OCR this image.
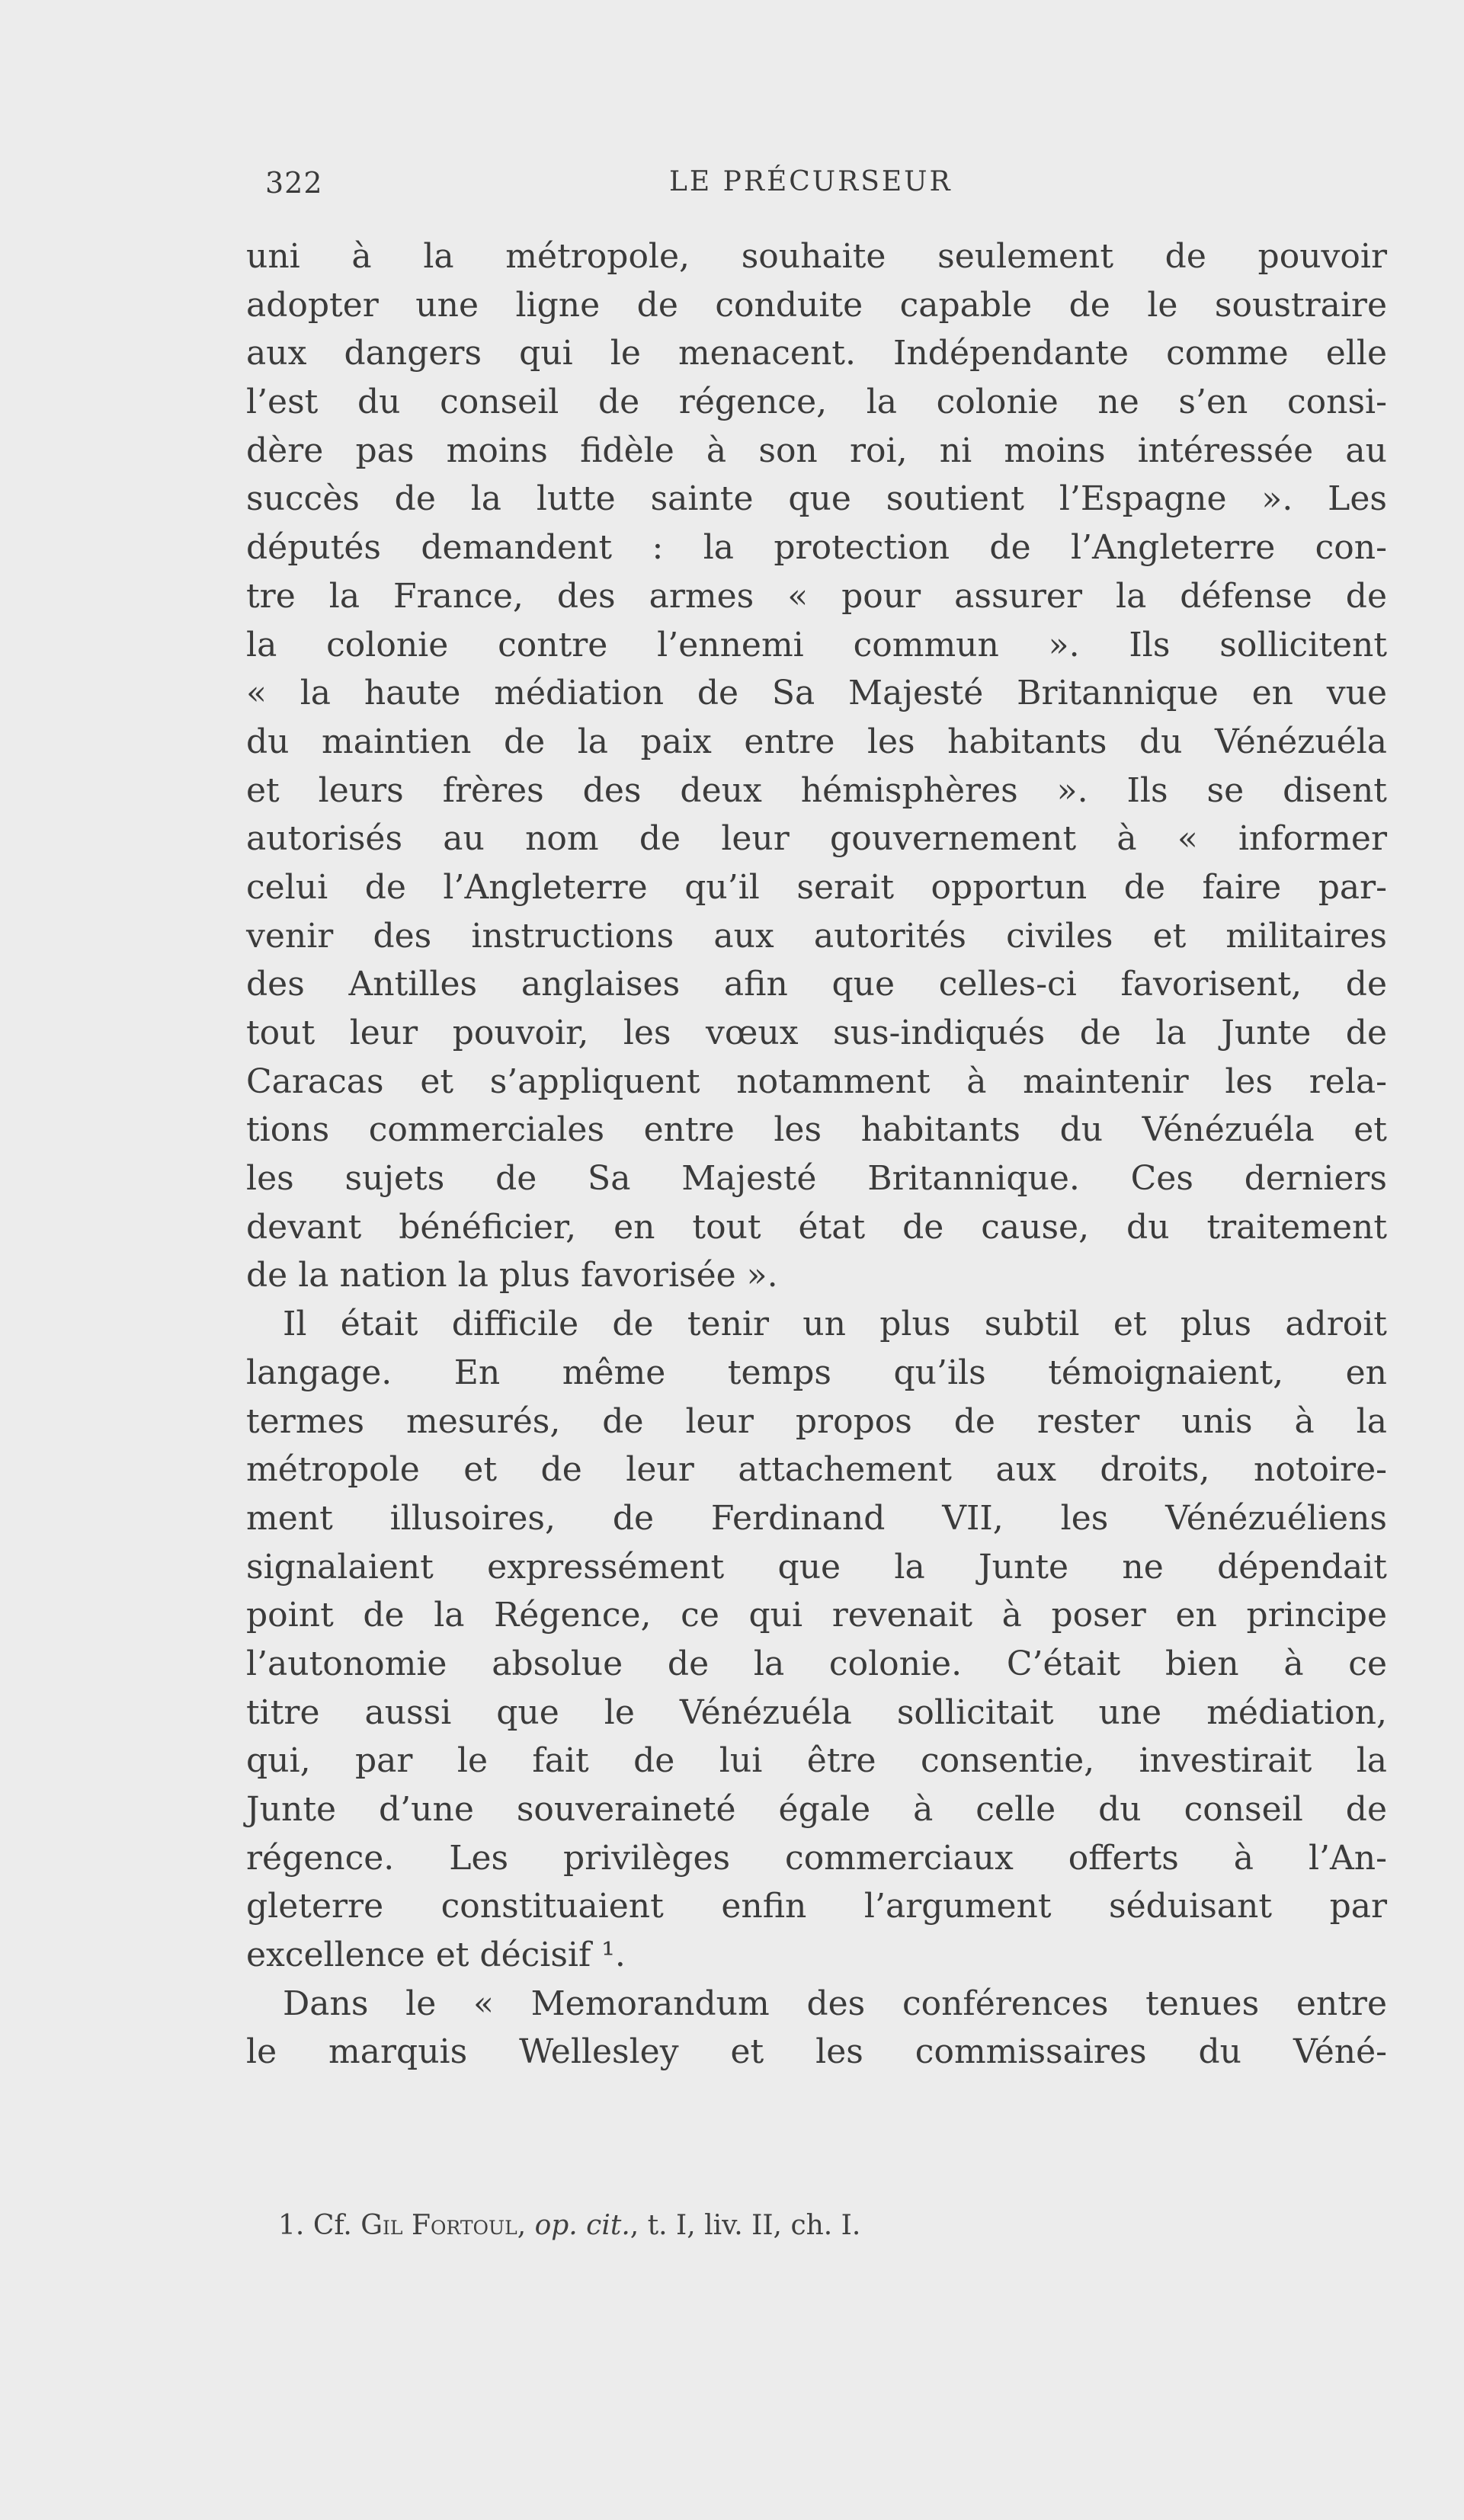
322	LE PRÉCURSEUR
uni à la métropole, souhaite seulement de pouvoir
adopter une ligne de conduite capable de le soustraire
aux dangers qui le menacent. Indépendante comme elle
l’est du conseil de régence, la colonie ne s’en consi-
dère pas moins fidèle à son roi, ni moins intéressée au
succès de la lutte sainte que soutient l’Espagne ». Les
députés demandent : la protection de l’Angleterre con-
tre la France, des armes « pour assurer la défense de
la colonie contre l’ennemi commun ». Ils sollicitent
« la haute médiation de Sa Majesté Britannique en vue
du maintien de la paix entre les habitants du Vénézuéla
et leurs frères des deux hémisphères ». Ils se disent
autorisés au nom de leur gouvernement à « informer
celui de l’Angleterre qu’il serait opportun de faire par-
venir des instructions aux autorités civiles et militaires
des Antilles anglaises afin que celles-ci favorisent, de
tout leur pouvoir, les vœux sus-indiqués de la Junte de
Caracas et s’appliquent notamment à maintenir les rela-
tions commerciales entre les habitants du Vénézuéla et
les sujets de Sa Majesté Britannique. Ces derniers
devant bénéficier, en tout état de cause, du traitement
de la nation la plus favorisée ».
Il était difficile de tenir un plus subtil et plus adroit
langage. En même temps qu’ils témoignaient, en
termes mesurés, de leur propos de rester unis à la
métropole et de leur attachement aux droits, notoire-
ment illusoires, de Ferdinand VII, les Vénézuéliens
signalaient expressément que la Junte ne dépendait
point de la Régence, ce qui revenait à poser en principe
l’autonomie absolue de la colonie. C’était bien à ce
titre aussi que le Vénézuéla sollicitait une médiation,
qui, par le fait de lui être consentie, investirait la
Junte d’une souveraineté égale à celle du conseil de
régence. Les privilèges commerciaux offerts à l’An-
gleterre constituaient enfin l’argument séduisant par
excellence et décisif ¹.
Dans le « Memorandum des conférences tenues entre
le marquis Wellesley et les commissaires du Véné-
1. Cf. Gil Fortoul, op. cit., t. I, liv. II, ch. I.
